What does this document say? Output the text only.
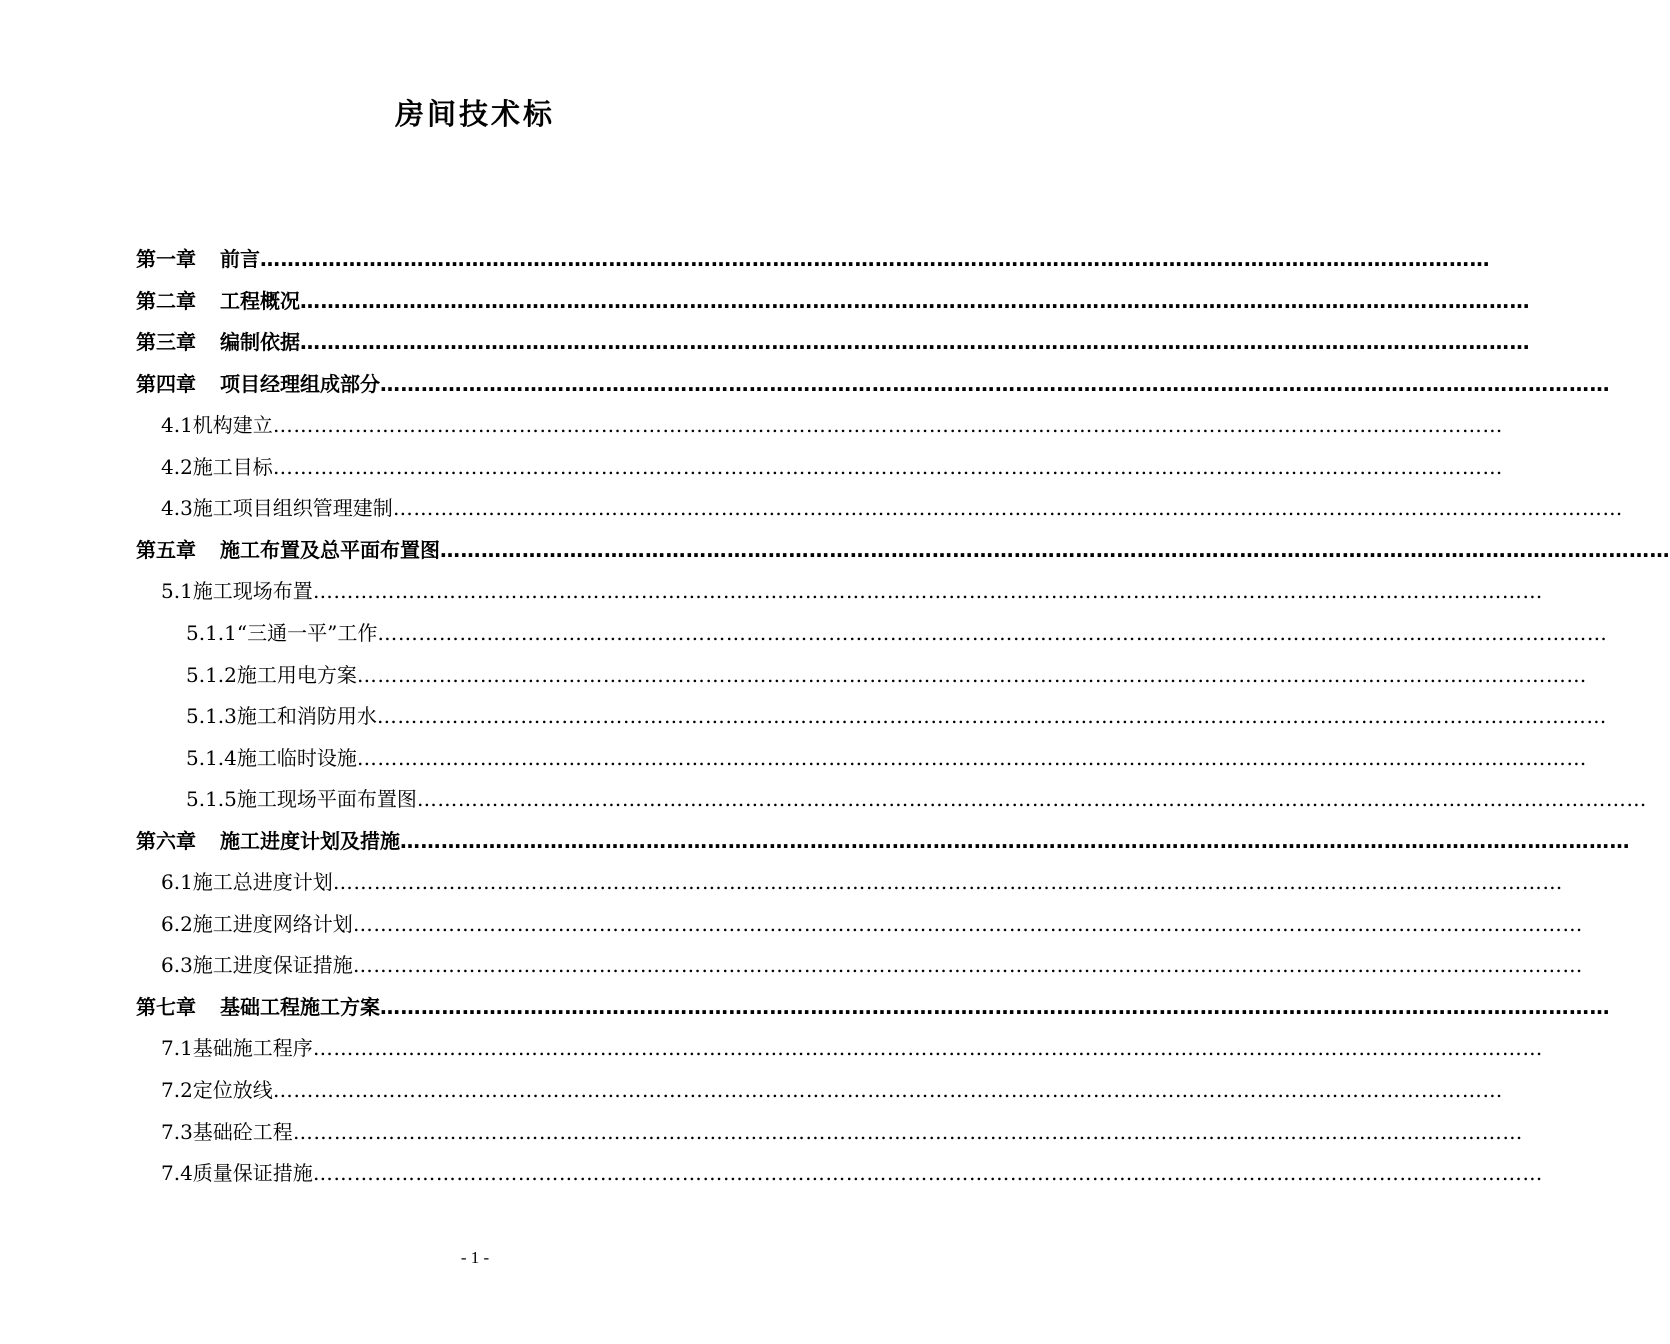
房间技术标
第一章 前言………………………………………………………………………………………………………………………………………………………………
第二章 工程概况………………………………………………………………………………………………………………………………………………………………
第三章 编制依据………………………………………………………………………………………………………………………………………………………………
第四章 项目经理组成部分………………………………………………………………………………………………………………………………………………………………
4.1机构建立………………………………………………………………………………………………………………………………………………………………
4.2施工目标………………………………………………………………………………………………………………………………………………………………
4.3施工项目组织管理建制………………………………………………………………………………………………………………………………………………………………
第五章 施工布置及总平面布置图………………………………………………………………………………………………………………………………………………………………
5.1施工现场布置………………………………………………………………………………………………………………………………………………………………
5.1.1“三通一平”工作………………………………………………………………………………………………………………………………………………………………
5.1.2施工用电方案………………………………………………………………………………………………………………………………………………………………
5.1.3施工和消防用水………………………………………………………………………………………………………………………………………………………………
5.1.4施工临时设施………………………………………………………………………………………………………………………………………………………………
5.1.5施工现场平面布置图………………………………………………………………………………………………………………………………………………………………
第六章 施工进度计划及措施………………………………………………………………………………………………………………………………………………………………
6.1施工总进度计划………………………………………………………………………………………………………………………………………………………………
6.2施工进度网络计划………………………………………………………………………………………………………………………………………………………………
6.3施工进度保证措施………………………………………………………………………………………………………………………………………………………………
第七章 基础工程施工方案………………………………………………………………………………………………………………………………………………………………
7.1基础施工程序………………………………………………………………………………………………………………………………………………………………
7.2定位放线………………………………………………………………………………………………………………………………………………………………
7.3基础砼工程………………………………………………………………………………………………………………………………………………………………
7.4质量保证措施………………………………………………………………………………………………………………………………………………………………
- 1 -
